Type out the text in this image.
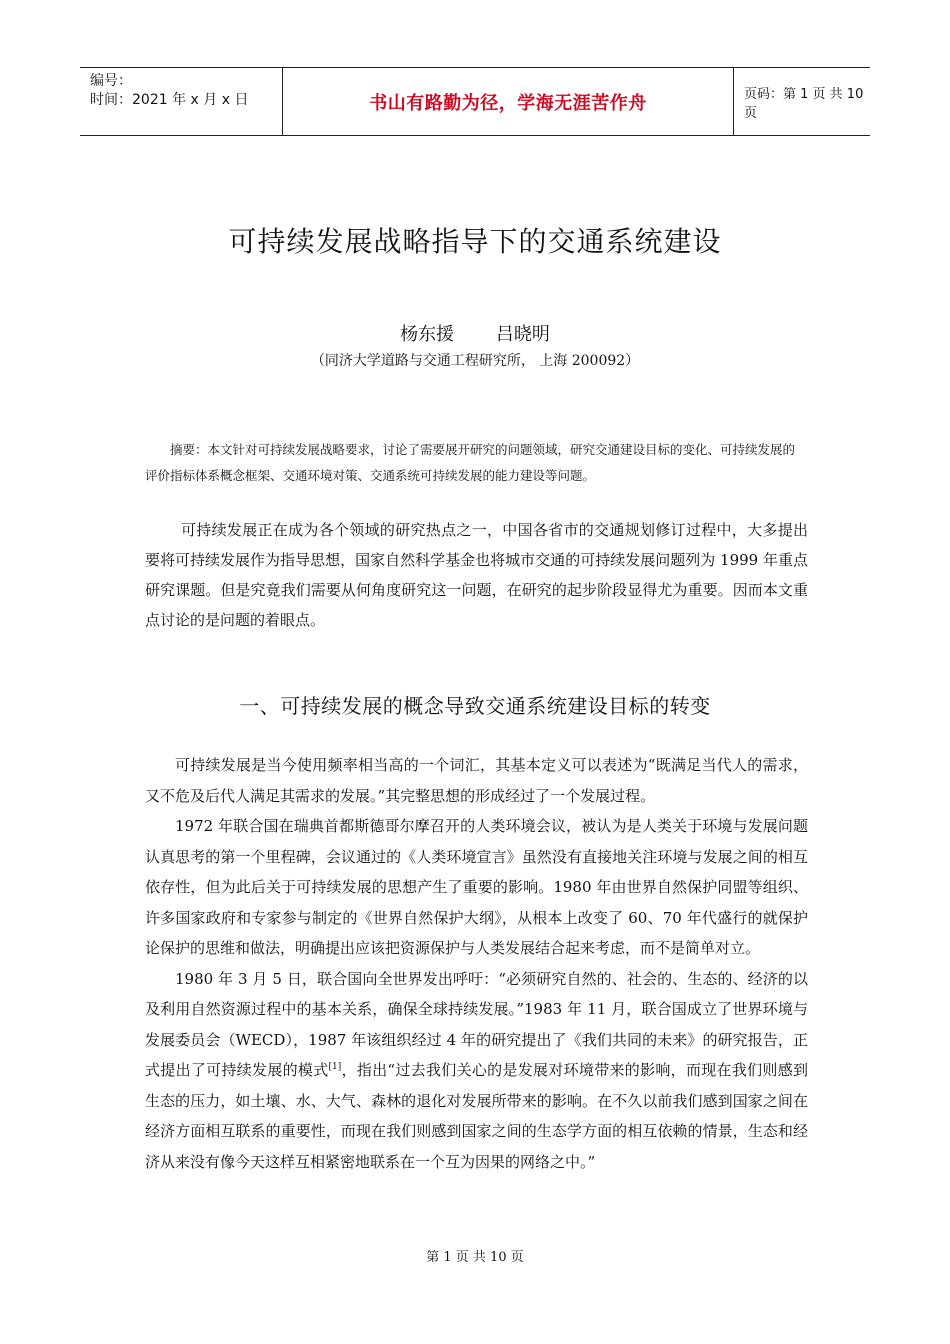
编号：
时间：2021 年 x 月 x 日	书山有路勤为径，学海无涯苦作舟	页码：第 1 页 共 10 页
可持续发展战略指导下的交通系统建设
杨东援 吕晓明
（同济大学道路与交通工程研究所， 上海 200092）

摘要：本文针对可持续发展战略要求，讨论了需要展开研究的问题领域，研究交通建设目标的变化、可持续发展的评价指标体系概念框架、交通环境对策、交通系统可持续发展的能力建设等问题。

可持续发展正在成为各个领域的研究热点之一，中国各省市的交通规划修订过程中，大多提出要将可持续发展作为指导思想，国家自然科学基金也将城市交通的可持续发展问题列为 1999 年重点研究课题。但是究竟我们需要从何角度研究这一问题，在研究的起步阶段显得尤为重要。因而本文重点讨论的是问题的着眼点。

一、可持续发展的概念导致交通系统建设目标的转变

可持续发展是当今使用频率相当高的一个词汇，其基本定义可以表述为“既满足当代人的需求，又不危及后代人满足其需求的发展。”其完整思想的形成经过了一个发展过程。

1972 年联合国在瑞典首都斯德哥尔摩召开的人类环境会议，被认为是人类关于环境与发展问题认真思考的第一个里程碑，会议通过的《人类环境宣言》虽然没有直接地关注环境与发展之间的相互依存性，但为此后关于可持续发展的思想产生了重要的影响。1980 年由世界自然保护同盟等组织、许多国家政府和专家参与制定的《世界自然保护大纲》，从根本上改变了 60、70 年代盛行的就保护论保护的思维和做法，明确提出应该把资源保护与人类发展结合起来考虑，而不是简单对立。

1980 年 3 月 5 日，联合国向全世界发出呼吁：“必须研究自然的、社会的、生态的、经济的以及利用自然资源过程中的基本关系，确保全球持续发展。”1983 年 11 月，联合国成立了世界环境与发展委员会（WECD），1987 年该组织经过 4 年的研究提出了《我们共同的未来》的研究报告，正式提出了可持续发展的模式[1]，指出“过去我们关心的是发展对环境带来的影响，而现在我们则感到生态的压力，如土壤、水、大气、森林的退化对发展所带来的影响。在不久以前我们感到国家之间在经济方面相互联系的重要性，而现在我们则感到国家之间的生态学方面的相互依赖的情景，生态和经济从来没有像今天这样互相紧密地联系在一个互为因果的网络之中。”

第 1 页 共 10 页
